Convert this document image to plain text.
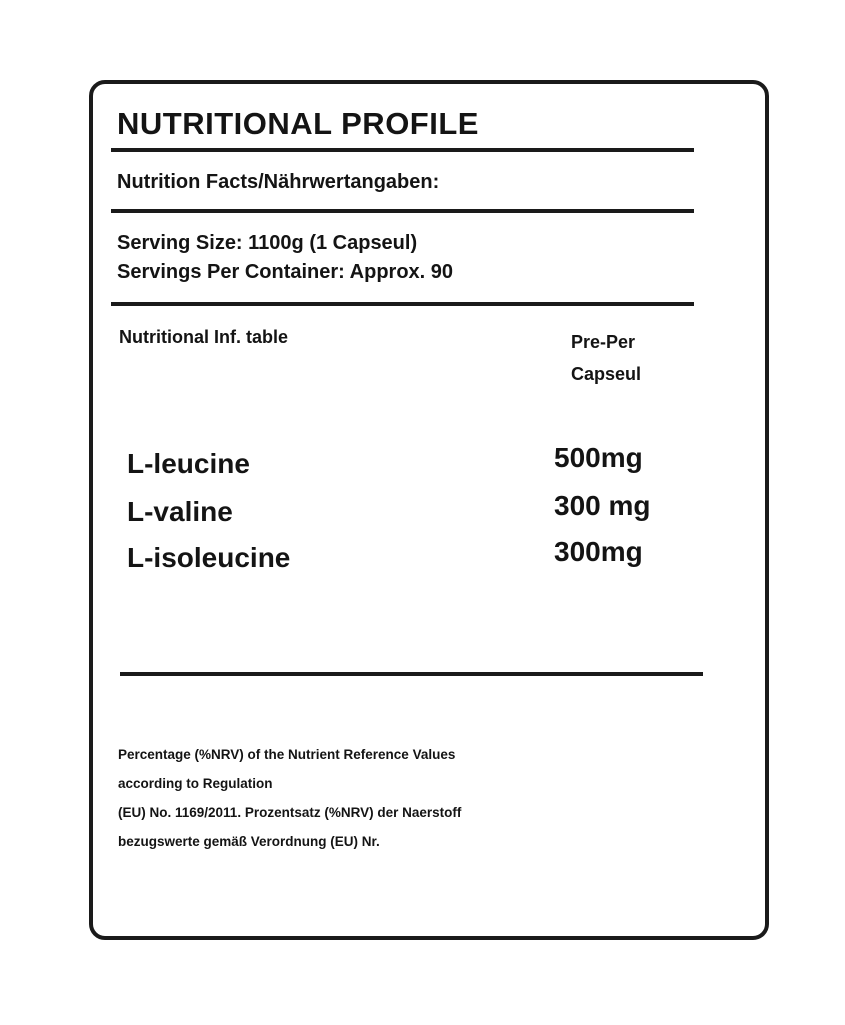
NUTRITIONAL PROFILE
Nutrition Facts/Nährwertangaben:
Serving Size: 1100g (1 Capseul)
Servings Per Container: Approx. 90
Nutritional Inf. table	Pre-Per
Capseul
L-leucine	500mg
L-valine	300 mg
L-isoleucine	300mg
Percentage (%NRV) of the Nutrient Reference Values
according to Regulation
(EU) No. 1169/2011. Prozentsatz (%NRV) der Naerstoff
bezugswerte gemäß Verordnung (EU) Nr.
